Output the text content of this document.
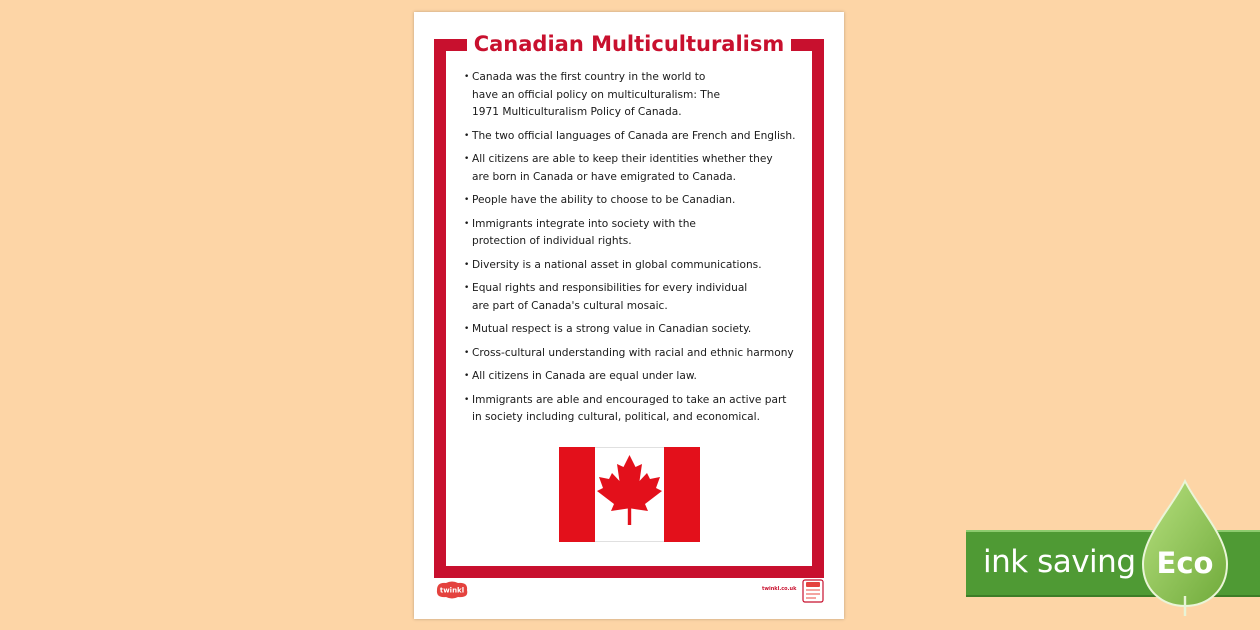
Canadian Multiculturalism
• Canada was the first country in the world to
have an official policy on multiculturalism: The
1971 Multiculturalism Policy of Canada.
• The two official languages of Canada are French and English.
• All citizens are able to keep their identities whether they
are born in Canada or have emigrated to Canada.
• People have the ability to choose to be Canadian.
• Immigrants integrate into society with the
protection of individual rights.
• Diversity is a national asset in global communications.
• Equal rights and responsibilities for every individual
are part of Canada's cultural mosaic.
• Mutual respect is a strong value in Canadian society.
• Cross-cultural understanding with racial and ethnic harmony
• All citizens in Canada are equal under law.
• Immigrants are able and encouraged to take an active part
in society including cultural, political, and economical.
twinkl	twinkl.co.uk
ink saving Eco
